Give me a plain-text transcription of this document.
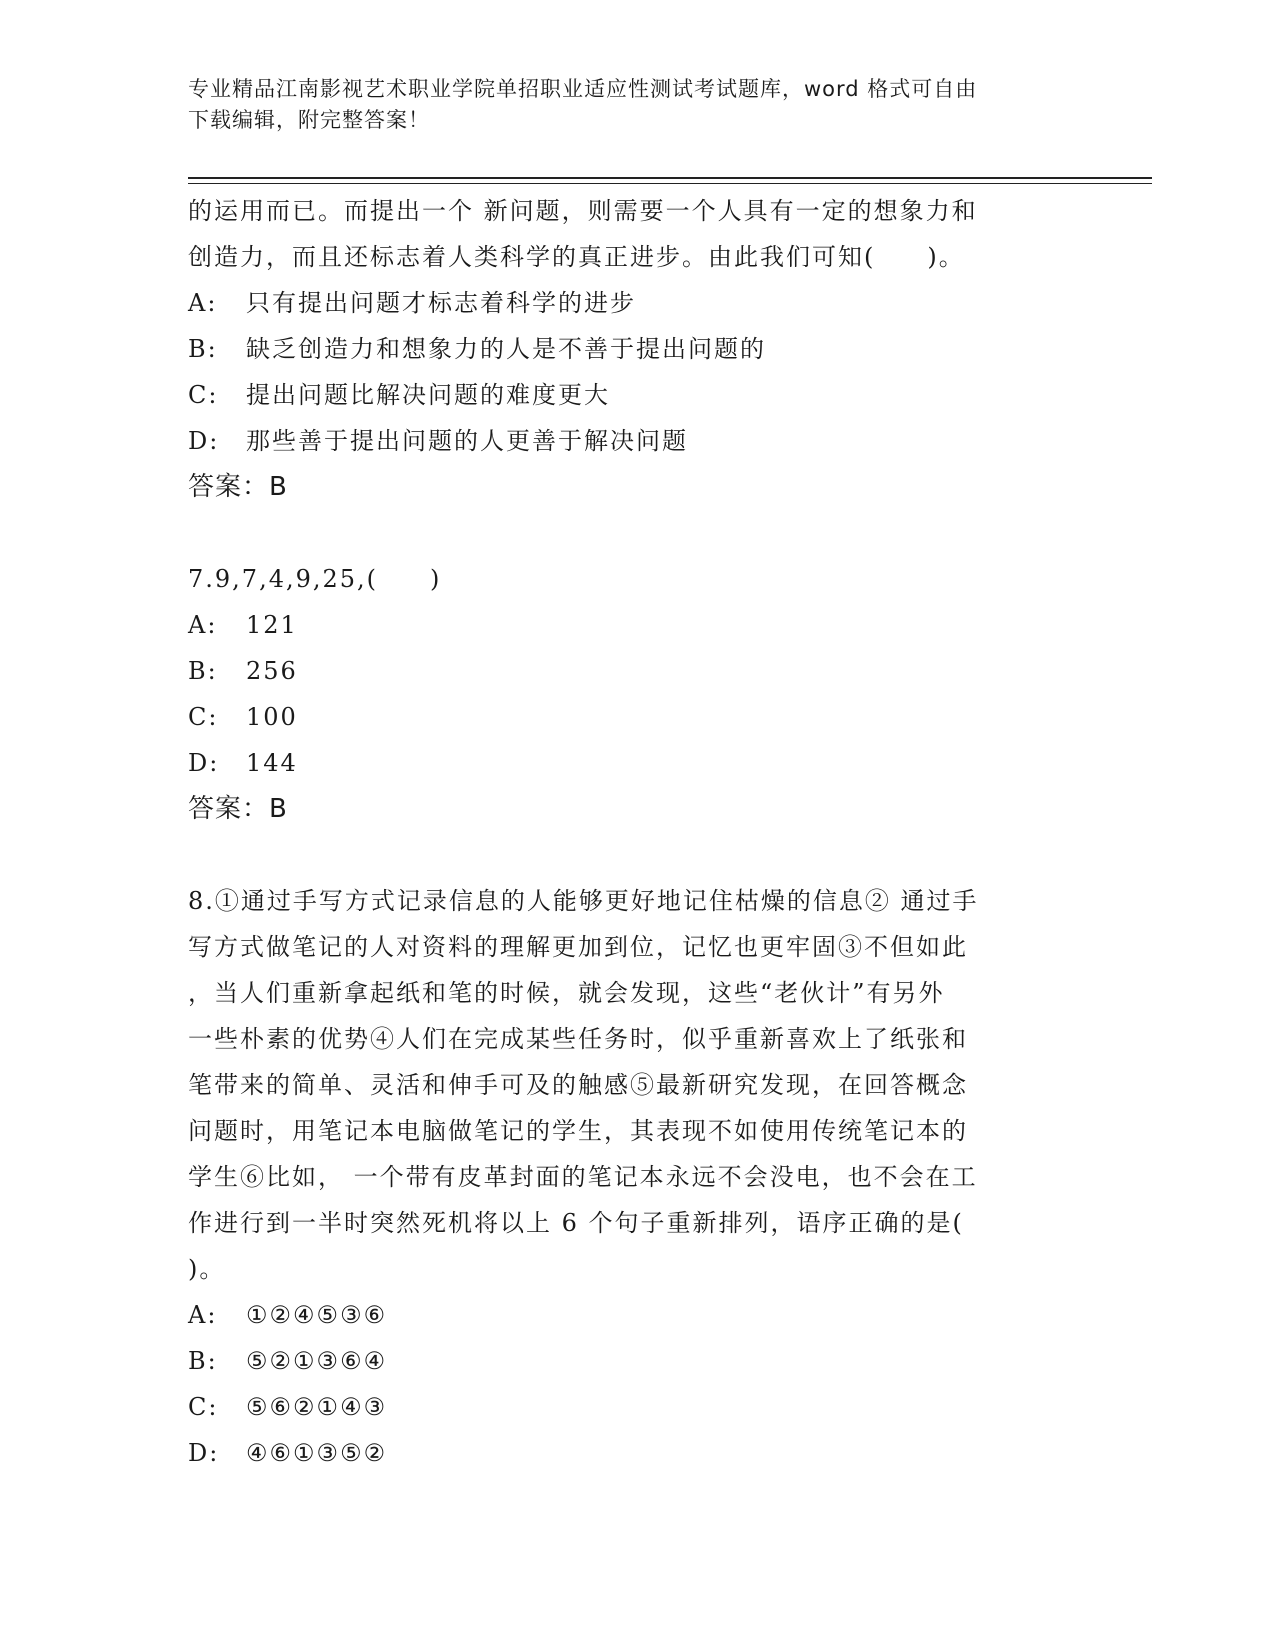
专业精品江南影视艺术职业学院单招职业适应性测试考试题库，word 格式可自由
下载编辑，附完整答案！
的运用而已。而提出一个 新问题，则需要一个人具有一定的想象力和
创造力，而且还标志着人类科学的真正进步。由此我们可知(　　)。
A:	只有提出问题才标志着科学的进步
B:	缺乏创造力和想象力的人是不善于提出问题的
C:	提出问题比解决问题的难度更大
D:	那些善于提出问题的人更善于解决问题
答案：B
7.9,7,4,9,25,(　　)
A:	121
B:	256
C:	100
D:	144
答案：B
8.①通过手写方式记录信息的人能够更好地记住枯燥的信息② 通过手
写方式做笔记的人对资料的理解更加到位，记忆也更牢固③不但如此
，当人们重新拿起纸和笔的时候，就会发现，这些“老伙计”有另外
一些朴素的优势④人们在完成某些任务时，似乎重新喜欢上了纸张和
笔带来的简单、灵活和伸手可及的触感⑤最新研究发现，在回答概念
问题时，用笔记本电脑做笔记的学生，其表现不如使用传统笔记本的
学生⑥比如， 一个带有皮革封面的笔记本永远不会没电，也不会在工
作进行到一半时突然死机将以上 6 个句子重新排列，语序正确的是(
)。
A:	①②④⑤③⑥
B:	⑤②①③⑥④
C:	⑤⑥②①④③
D:	④⑥①③⑤②
